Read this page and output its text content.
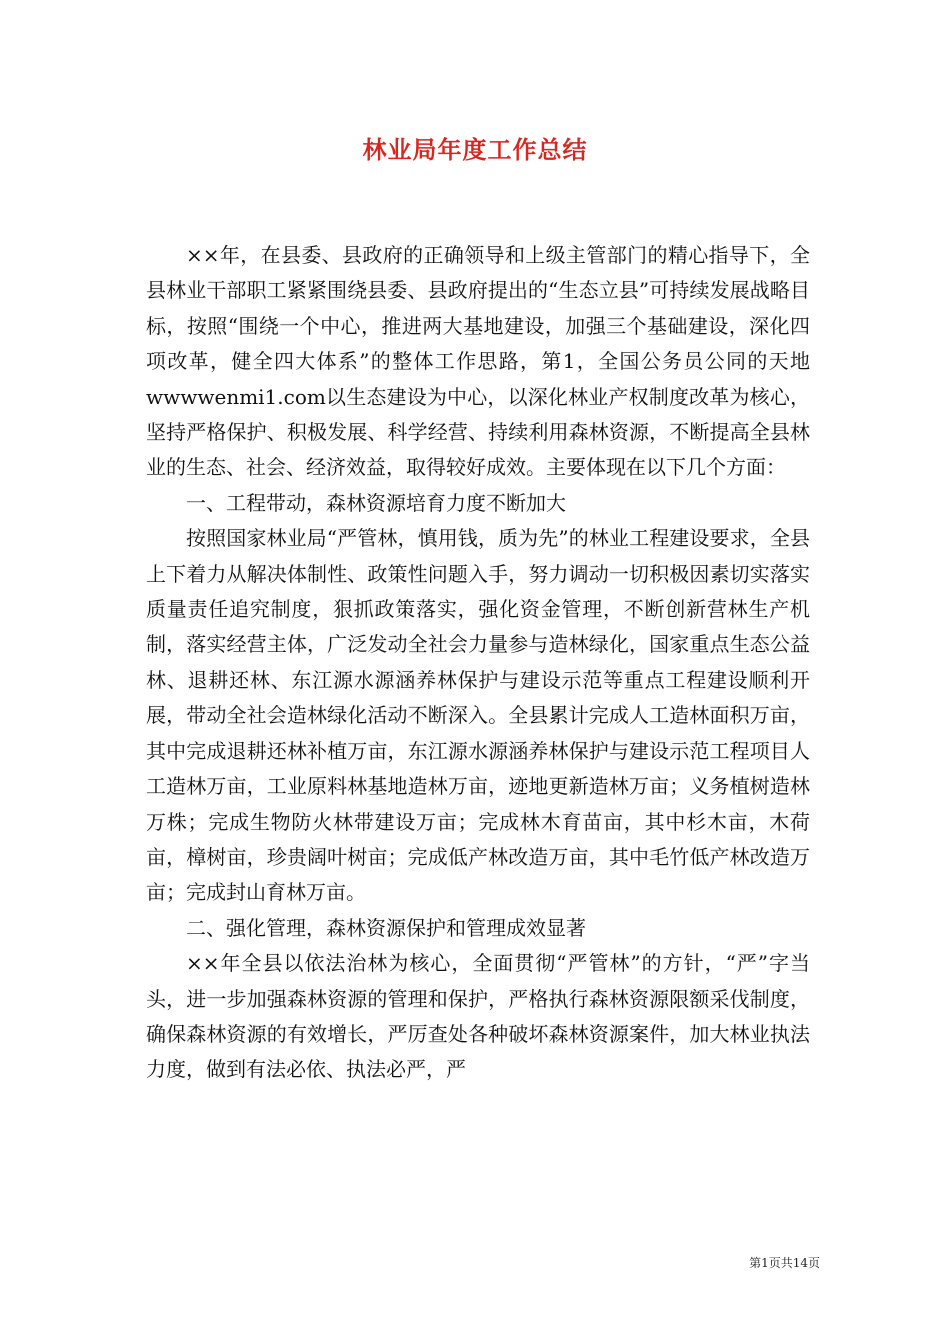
林业局年度工作总结

××年，在县委、县政府的正确领导和上级主管部门的精心指导下，全县林业干部职工紧紧围绕县委、县政府提出的“生态立县”可持续发展战略目标，按照“围绕一个中心，推进两大基地建设，加强三个基础建设，深化四项改革，健全四大体系”的整体工作思路，第1，全国公务员公同的天地wwwwenmi1.com以生态建设为中心，以深化林业产权制度改革为核心，坚持严格保护、积极发展、科学经营、持续利用森林资源，不断提高全县林业的生态、社会、经济效益，取得较好成效。主要体现在以下几个方面：

一、工程带动，森林资源培育力度不断加大

按照国家林业局“严管林，慎用钱，质为先”的林业工程建设要求，全县上下着力从解决体制性、政策性问题入手，努力调动一切积极因素切实落实质量责任追究制度，狠抓政策落实，强化资金管理，不断创新营林生产机制，落实经营主体，广泛发动全社会力量参与造林绿化，国家重点生态公益林、退耕还林、东江源水源涵养林保护与建设示范等重点工程建设顺利开展，带动全社会造林绿化活动不断深入。全县累计完成人工造林面积万亩，其中完成退耕还林补植万亩，东江源水源涵养林保护与建设示范工程项目人工造林万亩，工业原料林基地造林万亩，迹地更新造林万亩；义务植树造林万株；完成生物防火林带建设万亩；完成林木育苗亩，其中杉木亩，木荷亩，樟树亩，珍贵阔叶树亩；完成低产林改造万亩，其中毛竹低产林改造万亩；完成封山育林万亩。

二、强化管理，森林资源保护和管理成效显著

××年全县以依法治林为核心，全面贯彻“严管林”的方针，“严”字当头，进一步加强森林资源的管理和保护，严格执行森林资源限额采伐制度，确保森林资源的有效增长，严厉查处各种破坏森林资源案件，加大林业执法力度，做到有法必依、执法必严，严

第1页共14页
